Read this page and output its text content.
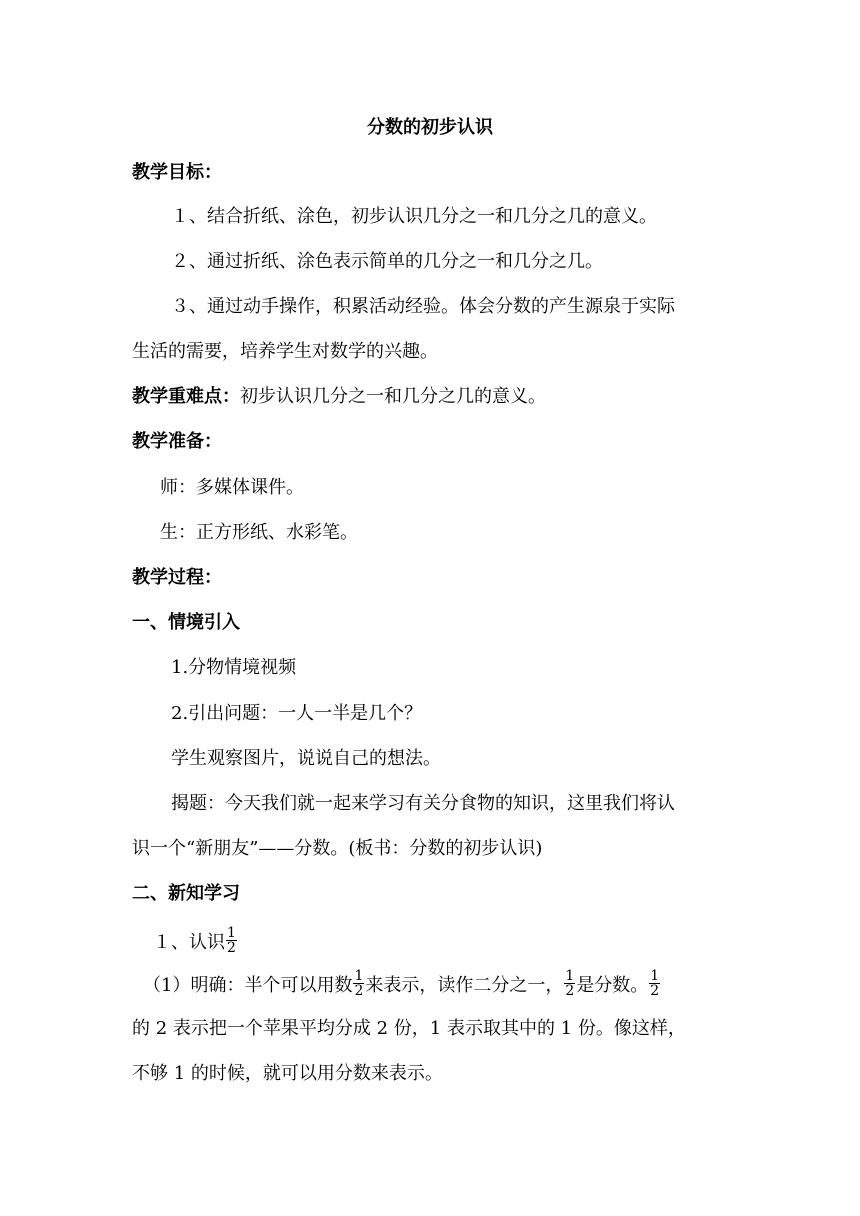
分数的初步认识
教学目标：
１、结合折纸、涂色，初步认识几分之一和几分之几的意义。
２、通过折纸、涂色表示简单的几分之一和几分之几。
３、通过动手操作，积累活动经验。体会分数的产生源泉于实际
生活的需要，培养学生对数学的兴趣。
教学重难点：初步认识几分之一和几分之几的意义。
教学准备：
师：多媒体课件。
生：正方形纸、水彩笔。
教学过程：
一、情境引入
1.分物情境视频
2.引出问题：一人一半是几个？
学生观察图片，说说自己的想法。
揭题：今天我们就一起来学习有关分食物的知识，这里我们将认
识一个“新朋友”——分数。(板书：分数的初步认识)
二、新知学习
１、认识 $\frac{1}{2}$
（1）明确：半个可以用数 $\frac{1}{2}$ 来表示，读作二分之一， $\frac{1}{2}$ 是分数。 $\frac{1}{2}$
的 2 表示把一个苹果平均分成 2 份，1 表示取其中的 1 份。像这样，
不够 1 的时候，就可以用分数来表示。
